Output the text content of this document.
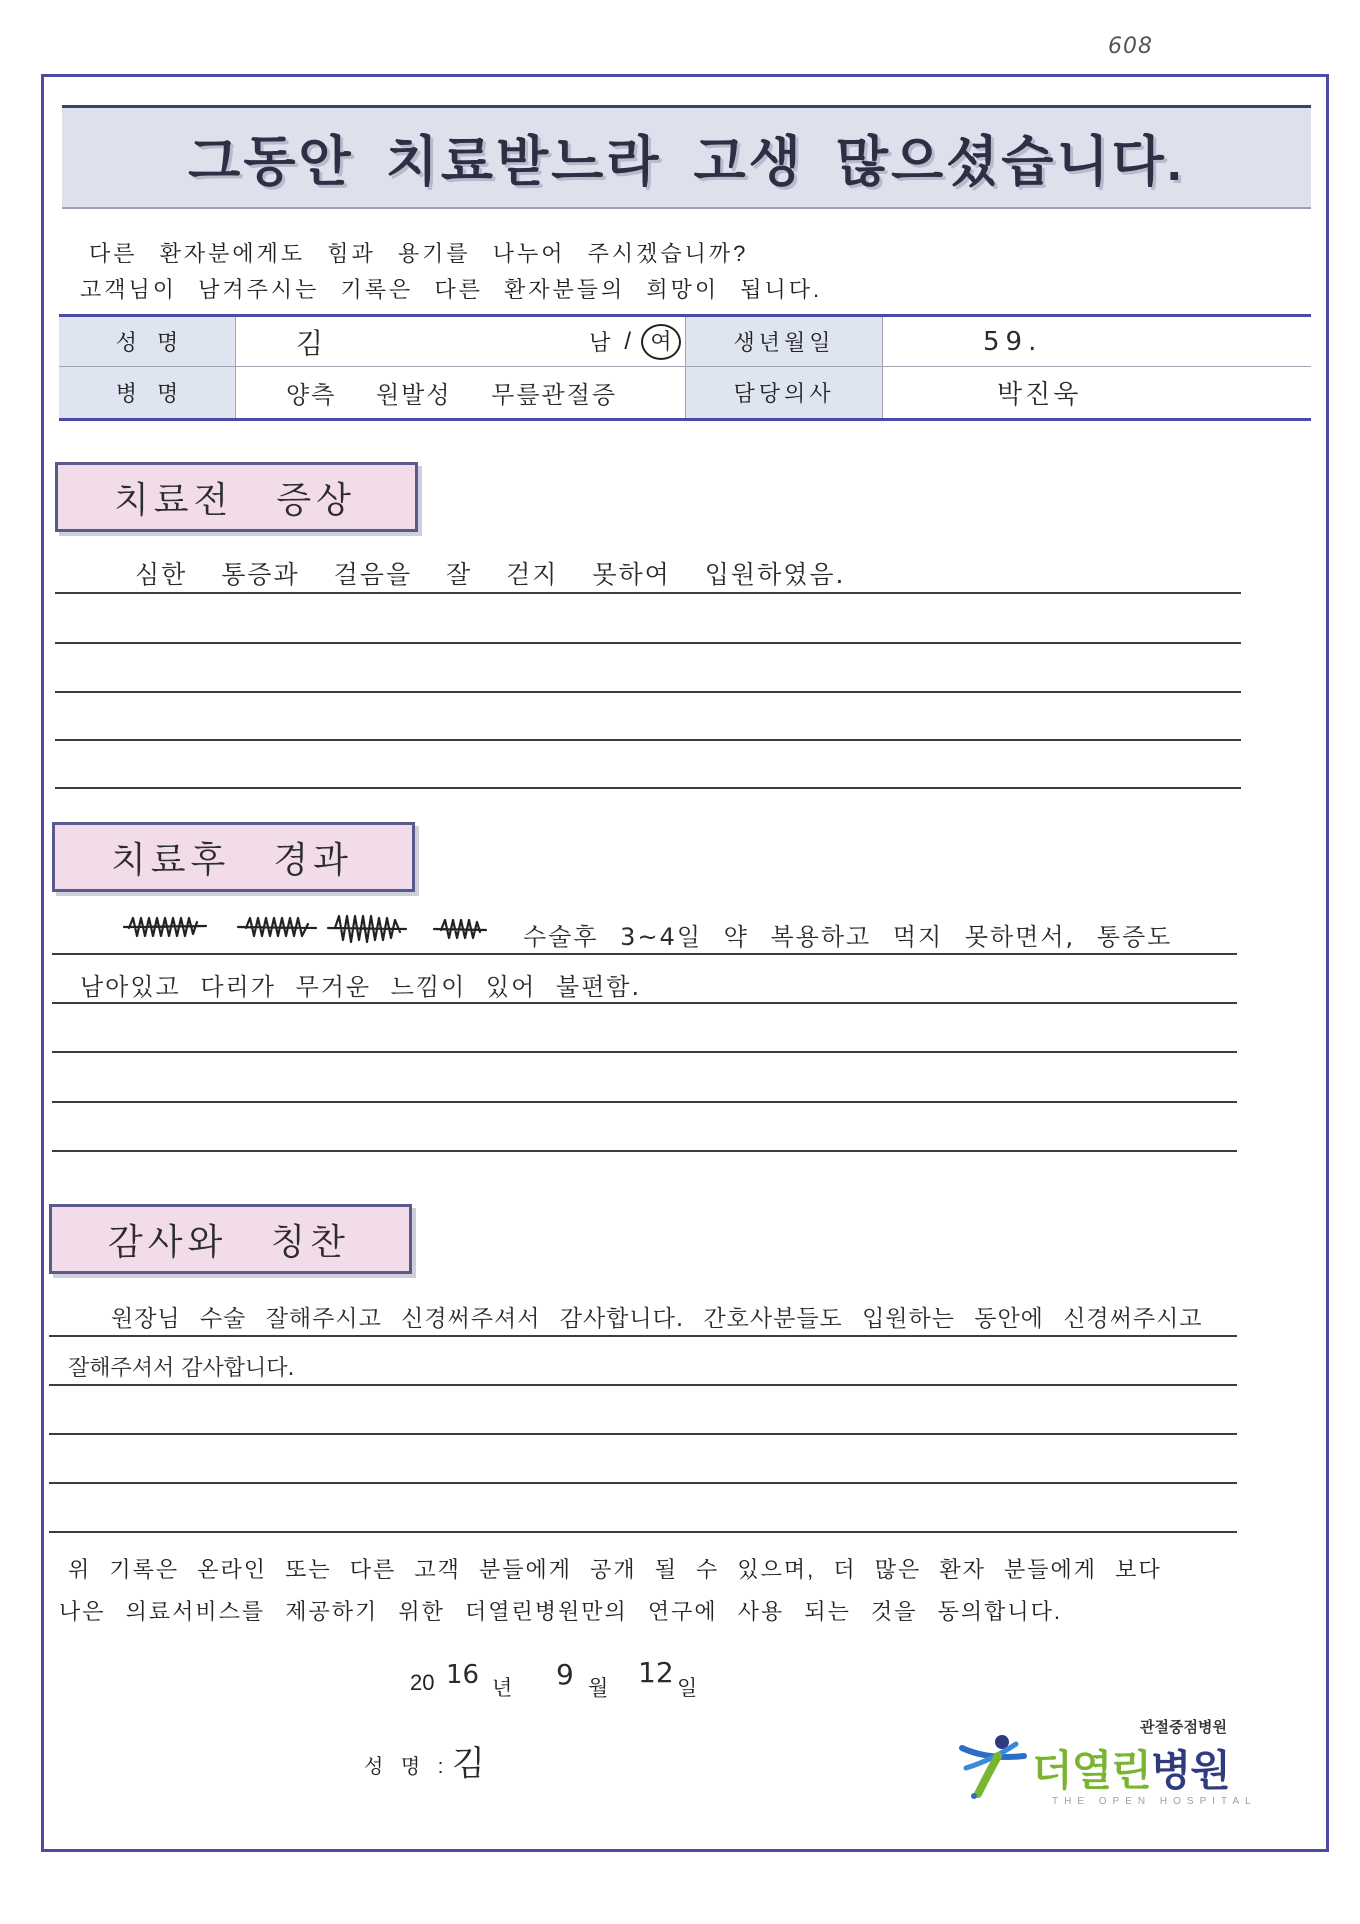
608
그동안 치료받느라 고생 많으셨습니다.
다른 환자분에게도 힘과 용기를 나누어 주시겠습니까?
고객님이 남겨주시는 기록은 다른 환자분들의 희망이 됩니다.
성 명	김	남 / 여	생년월일	59.
병 명	양측 원발성 무릎관절증	담당의사	박진욱
치료전 증상
심한 통증과 걸음을 잘 걷지 못하여 입원하였음.
치료후 경과
수술후 3~4일 약 복용하고 먹지 못하면서, 통증도
남아있고 다리가 무거운 느낌이 있어 불편함.
감사와 칭찬
원장님 수술 잘해주시고 신경써주셔서 감사합니다. 간호사분들도 입원하는 동안에 신경써주시고
잘해주셔서 감사합니다.
위 기록은 온라인 또는 다른 고객 분들에게 공개 될 수 있으며, 더 많은 환자 분들에게 보다
나은 의료서비스를 제공하기 위한 더열린병원만의 연구에 사용 되는 것을 동의합니다.
20 16 년 9 월 12 일
성 명 : 김
관절중점병원
더열린병원
THE OPEN HOSPITAL
